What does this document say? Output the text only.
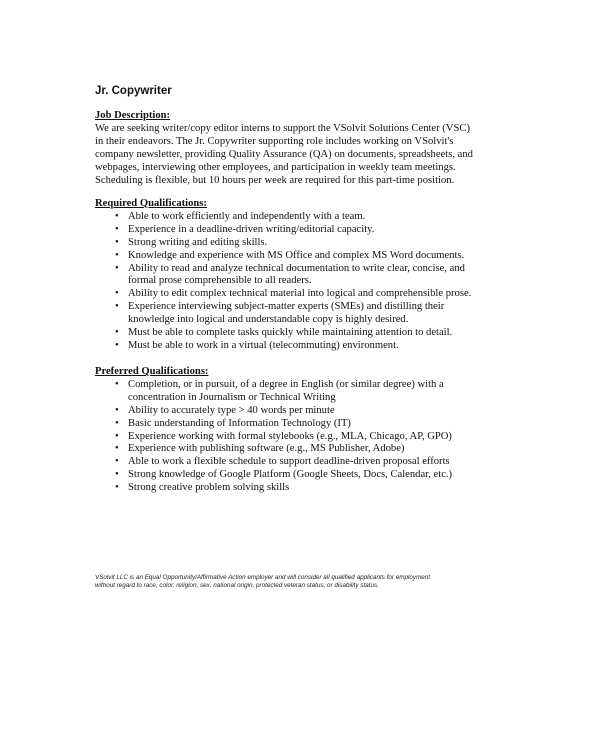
Jr. Copywriter
Job Description:
We are seeking writer/copy editor interns to support the VSolvit Solutions Center (VSC)
in their endeavors. The Jr. Copywriter supporting role includes working on VSolvit's
company newsletter, providing Quality Assurance (QA) on documents, spreadsheets, and
webpages, interviewing other employees, and participation in weekly team meetings.
Scheduling is flexible, but 10 hours per week are required for this part-time position.
Required Qualifications:
• Able to work efficiently and independently with a team.
• Experience in a deadline-driven writing/editorial capacity.
• Strong writing and editing skills.
• Knowledge and experience with MS Office and complex MS Word documents.
• Ability to read and analyze technical documentation to write clear, concise, and
formal prose comprehensible to all readers.
• Ability to edit complex technical material into logical and comprehensible prose.
• Experience interviewing subject-matter experts (SMEs) and distilling their
knowledge into logical and understandable copy is highly desired.
• Must be able to complete tasks quickly while maintaining attention to detail.
• Must be able to work in a virtual (telecommuting) environment.
Preferred Qualifications:
• Completion, or in pursuit, of a degree in English (or similar degree) with a
concentration in Journalism or Technical Writing
• Ability to accurately type > 40 words per minute
• Basic understanding of Information Technology (IT)
• Experience working with formal stylebooks (e.g., MLA, Chicago, AP, GPO)
• Experience with publishing software (e.g., MS Publisher, Adobe)
• Able to work a flexible schedule to support deadline-driven proposal efforts
• Strong knowledge of Google Platform (Google Sheets, Docs, Calendar, etc.)
• Strong creative problem solving skills
VSolvit LLC is an Equal Opportunity/Affirmative Action employer and will consider all qualified applicants for employment
without regard to race, color, religion, sex, national origin, protected veteran status, or disability status.
